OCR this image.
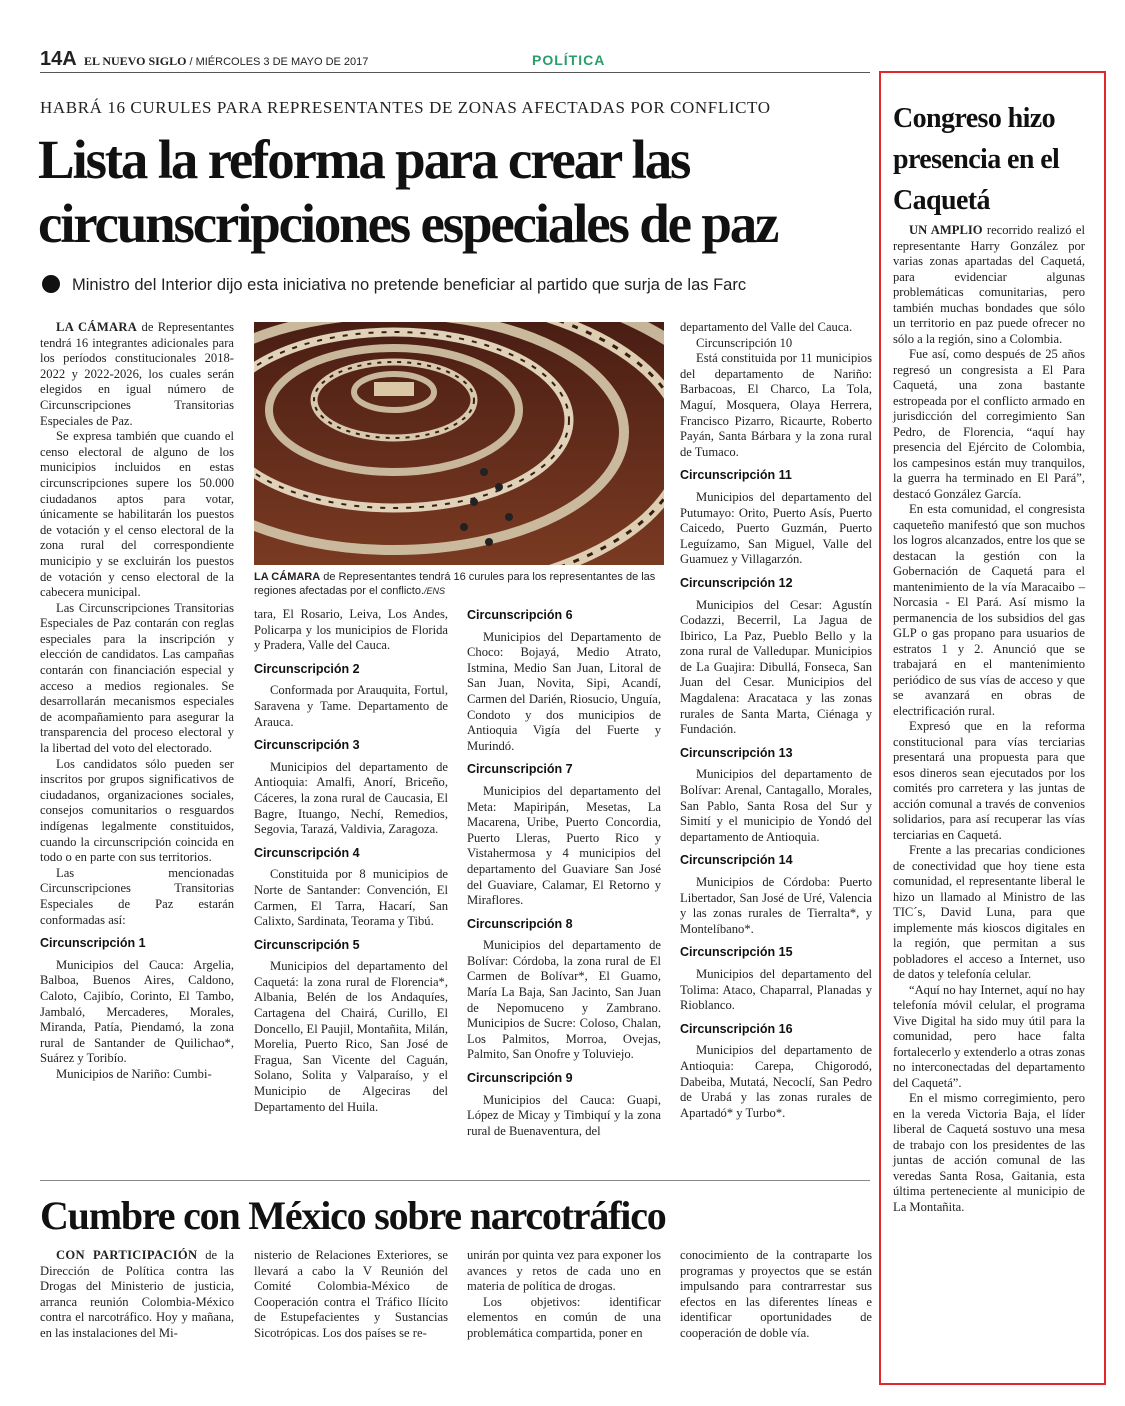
14A EL NUEVO SIGLO / MIÉRCOLES 3 DE MAYO DE 2017	POLÍTICA
HABRÁ 16 CURULES PARA REPRESENTANTES DE ZONAS AFECTADAS POR CONFLICTO
Lista la reforma para crear las circunscripciones especiales de paz
Ministro del Interior dijo esta iniciativa no pretende beneficiar al partido que surja de las Farc

LA CÁMARA de Representantes tendrá 16 integrantes adicionales para los períodos constitucionales 2018-2022 y 2022-2026, los cuales serán elegidos en igual número de Circunscripciones Transitorias Especiales de Paz.

Se expresa también que cuando el censo electoral de alguno de los municipios incluidos en estas circunscripciones supere los 50.000 ciudadanos aptos para votar, únicamente se habilitarán los puestos de votación y el censo electoral de la zona rural del correspondiente municipio y se excluirán los puestos de votación y censo electoral de la cabecera municipal.

Las Circunscripciones Transitorias Especiales de Paz contarán con reglas especiales para la inscripción y elección de candidatos. Las campañas contarán con financiación especial y acceso a medios regionales. Se desarrollarán mecanismos especiales de acompañamiento para asegurar la transparencia del proceso electoral y la libertad del voto del electorado.

Los candidatos sólo pueden ser inscritos por grupos significativos de ciudadanos, organizaciones sociales, consejos comunitarios o resguardos indígenas legalmente constituidos, cuando la circunscripción coincida en todo o en parte con sus territorios.

Las mencionadas Circunscripciones Transitorias Especiales de Paz estarán conformadas así:

Circunscripción 1

Municipios del Cauca: Argelia, Balboa, Buenos Aires, Caldono, Caloto, Cajibío, Corinto, El Tambo, Jambaló, Mercaderes, Morales, Miranda, Patía, Piendamó, la zona rural de Santander de Quilichao*, Suárez y Toribío.

Municipios de Nariño: Cumbi-

LA CÁMARA de Representantes tendrá 16 curules para los representantes de las regiones afectadas por el conflicto./ENS

tara, El Rosario, Leiva, Los Andes, Policarpa y los municipios de Florida y Pradera, Valle del Cauca.

Circunscripción 2

Conformada por Arauquita, Fortul, Saravena y Tame. Departamento de Arauca.

Circunscripción 3

Municipios del departamento de Antioquia: Amalfi, Anorí, Briceño, Cáceres, la zona rural de Caucasia, El Bagre, Ituango, Nechí, Remedios, Segovia, Tarazá, Valdivia, Zaragoza.

Circunscripción 4

Constituida por 8 municipios de Norte de Santander: Convención, El Carmen, El Tarra, Hacarí, San Calixto, Sardinata, Teorama y Tibú.

Circunscripción 5

Municipios del departamento del Caquetá: la zona rural de Florencia*, Albania, Belén de los Andaquíes, Cartagena del Chairá, Curillo, El Doncello, El Paujil, Montañita, Milán, Morelia, Puerto Rico, San José de Fragua, San Vicente del Caguán, Solano, Solita y Valparaíso, y el Municipio de Algeciras del Departamento del Huila.

Circunscripción 6

Municipios del Departamento de Choco: Bojayá, Medio Atrato, Istmina, Medio San Juan, Litoral de San Juan, Novita, Sipi, Acandí, Carmen del Darién, Riosucio, Unguía, Condoto y dos municipios de Antioquia Vigía del Fuerte y Murindó.

Circunscripción 7

Municipios del departamento del Meta: Mapiripán, Mesetas, La Macarena, Uribe, Puerto Concordia, Puerto Lleras, Puerto Rico y Vistahermosa y 4 municipios del departamento del Guaviare San José del Guaviare, Calamar, El Retorno y Miraflores.

Circunscripción 8

Municipios del departamento de Bolívar: Córdoba, la zona rural de El Carmen de Bolívar*, El Guamo, María La Baja, San Jacinto, San Juan de Nepomuceno y Zambrano. Municipios de Sucre: Coloso, Chalan, Los Palmitos, Morroa, Ovejas, Palmito, San Onofre y Toluviejo.

Circunscripción 9

Municipios del Cauca: Guapi, López de Micay y Timbiquí y la zona rural de Buenaventura, del

departamento del Valle del Cauca.

Circunscripción 10

Está constituida por 11 municipios del departamento de Nariño: Barbacoas, El Charco, La Tola, Maguí, Mosquera, Olaya Herrera, Francisco Pizarro, Ricaurte, Roberto Payán, Santa Bárbara y la zona rural de Tumaco.

Circunscripción 11

Municipios del departamento del Putumayo: Orito, Puerto Asís, Puerto Caicedo, Puerto Guzmán, Puerto Leguízamo, San Miguel, Valle del Guamuez y Villagarzón.

Circunscripción 12

Municipios del Cesar: Agustín Codazzi, Becerril, La Jagua de Ibirico, La Paz, Pueblo Bello y la zona rural de Valledupar. Municipios de La Guajira: Dibullá, Fonseca, San Juan del Cesar. Municipios del Magdalena: Aracataca y las zonas rurales de Santa Marta, Ciénaga y Fundación.

Circunscripción 13

Municipios del departamento de Bolívar: Arenal, Cantagallo, Morales, San Pablo, Santa Rosa del Sur y Simití y el municipio de Yondó del departamento de Antioquia.

Circunscripción 14

Municipios de Córdoba: Puerto Libertador, San José de Uré, Valencia y las zonas rurales de Tierralta*, y Montelíbano*.

Circunscripción 15

Municipios del departamento del Tolima: Ataco, Chaparral, Planadas y Rioblanco.

Circunscripción 16

Municipios del departamento de Antioquia: Carepa, Chigorodó, Dabeiba, Mutatá, Necoclí, San Pedro de Urabá y las zonas rurales de Apartadó* y Turbo*.

Cumbre con México sobre narcotráfico

CON PARTICIPACIÓN de la Dirección de Política contra las Drogas del Ministerio de justicia, arranca reunión Colombia-México contra el narcotráfico. Hoy y mañana, en las instalaciones del Mi-

nisterio de Relaciones Exteriores, se llevará a cabo la V Reunión del Comité Colombia-México de Cooperación contra el Tráfico Ilícito de Estupefacientes y Sustancias Sicotrópicas. Los dos países se re-

unirán por quinta vez para exponer los avances y retos de cada uno en materia de política de drogas.

Los objetivos: identificar elementos en común de una problemática compartida, poner en

conocimiento de la contraparte los programas y proyectos que se están impulsando para contrarrestar sus efectos en las diferentes líneas e identificar oportunidades de cooperación de doble vía.

Congreso hizo presencia en el Caquetá

UN AMPLIO recorrido realizó el representante Harry González por varias zonas apartadas del Caquetá, para evidenciar algunas problemáticas comunitarias, pero también muchas bondades que sólo un territorio en paz puede ofrecer no sólo a la región, sino a Colombia.

Fue así, como después de 25 años regresó un congresista a El Para Caquetá, una zona bastante estropeada por el conflicto armado en jurisdicción del corregimiento San Pedro, de Florencia, “aquí hay presencia del Ejército de Colombia, los campesinos están muy tranquilos, la guerra ha terminado en El Pará”, destacó González García.

En esta comunidad, el congresista caqueteño manifestó que son muchos los logros alcanzados, entre los que se destacan la gestión con la Gobernación de Caquetá para el mantenimiento de la vía Maracaibo – Norcasia - El Pará. Así mismo la permanencia de los subsidios del gas GLP o gas propano para usuarios de estratos 1 y 2. Anunció que se trabajará en el mantenimiento periódico de sus vías de acceso y que se avanzará en obras de electrificación rural.

Expresó que en la reforma constitucional para vías terciarias presentará una propuesta para que esos dineros sean ejecutados por los comités pro carretera y las juntas de acción comunal a través de convenios solidarios, para así recuperar las vías terciarias en Caquetá.

Frente a las precarias condiciones de conectividad que hoy tiene esta comunidad, el representante liberal le hizo un llamado al Ministro de las TIC´s, David Luna, para que implemente más kioscos digitales en la región, que permitan a sus pobladores el acceso a Internet, uso de datos y telefonía celular.

“Aquí no hay Internet, aquí no hay telefonía móvil celular, el programa Vive Digital ha sido muy útil para la comunidad, pero hace falta fortalecerlo y extenderlo a otras zonas no interconectadas del departamento del Caquetá”.

En el mismo corregimiento, pero en la vereda Victoria Baja, el líder liberal de Caquetá sostuvo una mesa de trabajo con los presidentes de las juntas de acción comunal de las veredas Santa Rosa, Gaitania, esta última perteneciente al municipio de La Montañita.
